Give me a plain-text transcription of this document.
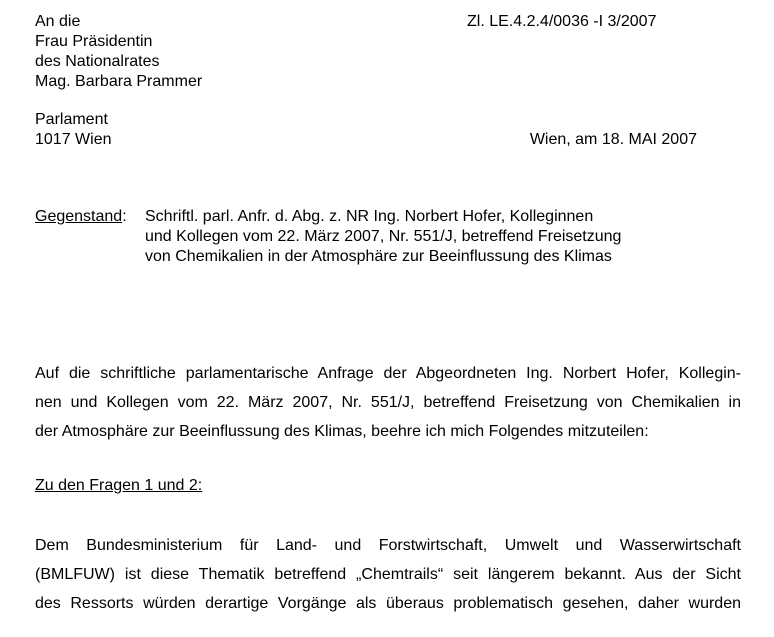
An die
Frau Präsidentin
des Nationalrates
Mag. Barbara Prammer
Parlament
1017 Wien
Zl. LE.4.2.4/0036 -I 3/2007
Wien, am 18. MAI 2007
Gegenstand: Schriftl. parl. Anfr. d. Abg. z. NR Ing. Norbert Hofer, Kolleginnen
und Kollegen vom 22. März 2007, Nr. 551/J, betreffend Freisetzung
von Chemikalien in der Atmosphäre zur Beeinflussung des Klimas
Auf die schriftliche parlamentarische Anfrage der Abgeordneten Ing. Norbert Hofer, Kollegin-
nen und Kollegen vom 22. März 2007, Nr. 551/J, betreffend Freisetzung von Chemikalien in
der Atmosphäre zur Beeinflussung des Klimas, beehre ich mich Folgendes mitzuteilen:
Zu den Fragen 1 und 2:
Dem Bundesministerium für Land- und Forstwirtschaft, Umwelt und Wasserwirtschaft
(BMLFUW) ist diese Thematik betreffend „Chemtrails“ seit längerem bekannt. Aus der Sicht
des Ressorts würden derartige Vorgänge als überaus problematisch gesehen, daher wurden
